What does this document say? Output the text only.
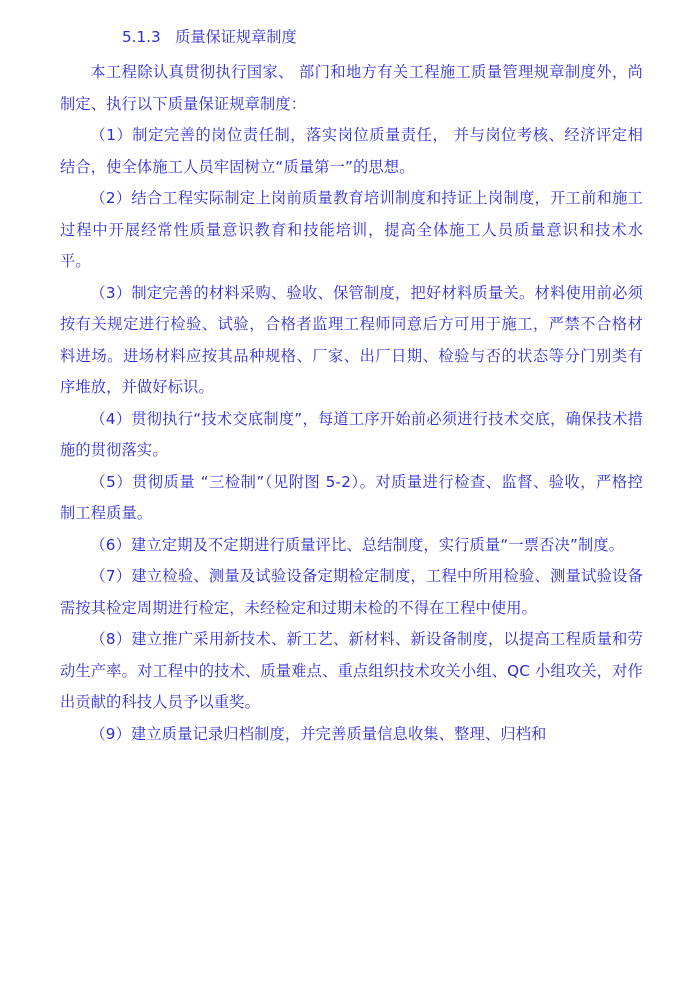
5.1.3   质量保证规章制度

本工程除认真贯彻执行国家、 部门和地方有关工程施工质量管理规章制度外，尚制定、执行以下质量保证规章制度：

（1）制定完善的岗位责任制，落实岗位质量责任， 并与岗位考核、经济评定相结合，使全体施工人员牢固树立“质量第一”的思想。

（2）结合工程实际制定上岗前质量教育培训制度和持证上岗制度，开工前和施工过程中开展经常性质量意识教育和技能培训，提高全体施工人员质量意识和技术水平。

（3）制定完善的材料采购、验收、保管制度，把好材料质量关。材料使用前必须按有关规定进行检验、试验，合格者监理工程师同意后方可用于施工，严禁不合格材料进场。进场材料应按其品种规格、厂家、出厂日期、检验与否的状态等分门别类有序堆放，并做好标识。

（4）贯彻执行“技术交底制度”，每道工序开始前必须进行技术交底，确保技术措施的贯彻落实。

（5）贯彻质量 “三检制”（见附图 5-2）。对质量进行检查、监督、验收，严格控制工程质量。

（6）建立定期及不定期进行质量评比、总结制度，实行质量“一票否决”制度。

（7）建立检验、测量及试验设备定期检定制度，工程中所用检验、测量试验设备需按其检定周期进行检定，未经检定和过期未检的不得在工程中使用。

（8）建立推广采用新技术、新工艺、新材料、新设备制度，以提高工程质量和劳动生产率。对工程中的技术、质量难点、重点组织技术攻关小组、QC 小组攻关，对作出贡献的科技人员予以重奖。

（9）建立质量记录归档制度，并完善质量信息收集、整理、归档和
